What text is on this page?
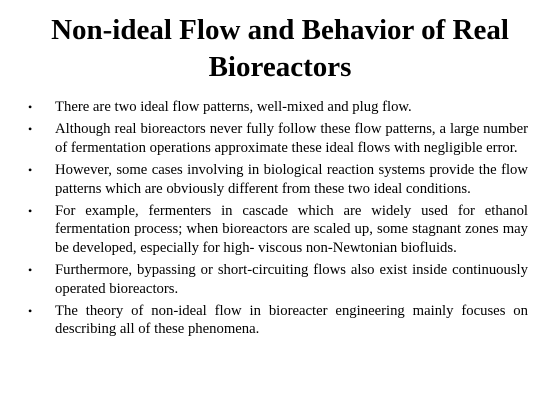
Non-ideal Flow and Behavior of Real Bioreactors
• There are two ideal flow patterns, well-mixed and plug flow.
• Although real bioreactors never fully follow these flow patterns, a large number of fermentation operations approximate these ideal flows with negligible error.
• However, some cases involving in biological reaction systems provide the flow patterns which are obviously different from these two ideal conditions.
• For example, fermenters in cascade which are widely used for ethanol fermentation process; when bioreactors are scaled up, some stagnant zones may be developed, especially for high- viscous non-Newtonian biofluids.
• Furthermore, bypassing or short-circuiting flows also exist inside continuously operated bioreactors.
• The theory of non-ideal flow in bioreacter engineering mainly focuses on describing all of these phenomena.
